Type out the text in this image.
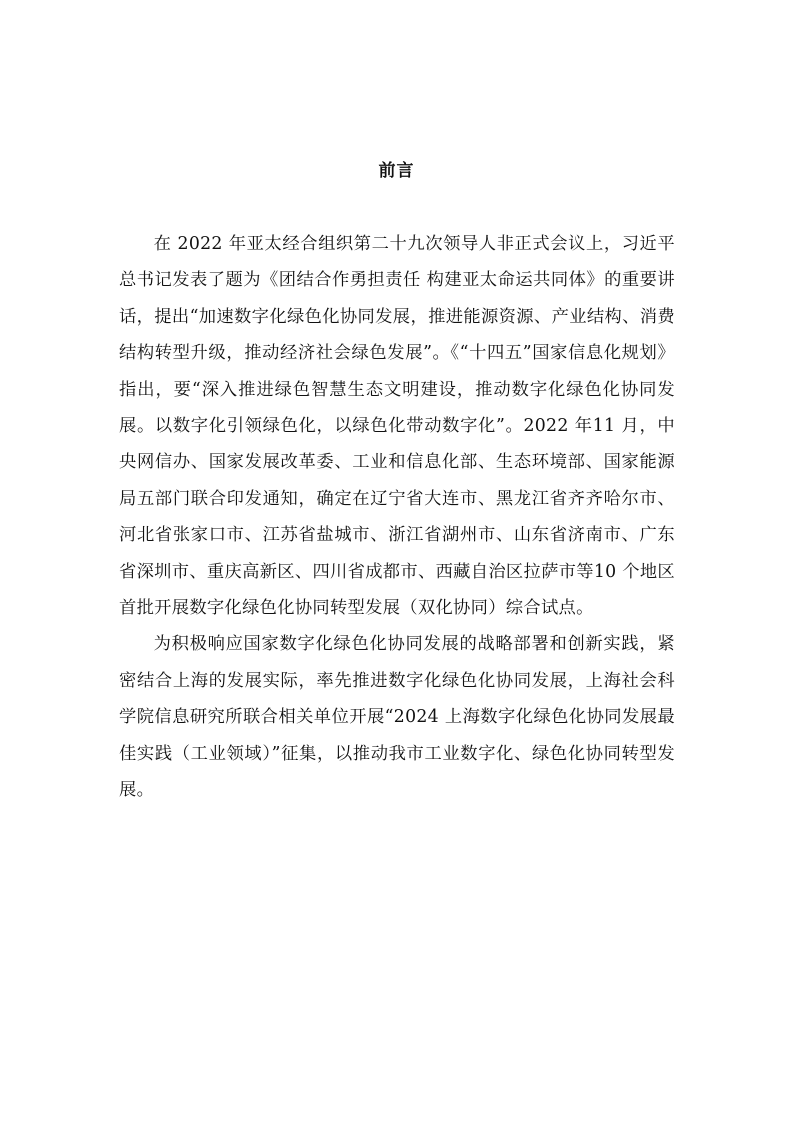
前言

在 2022 年亚太经合组织第二十九次领导人非正式会议上，习近平总书记发表了题为《团结合作勇担责任 构建亚太命运共同体》的重要讲话，提出“加速数字化绿色化协同发展，推进能源资源、产业结构、消费结构转型升级，推动经济社会绿色发展”。《“十四五”国家信息化规划》指出，要“深入推进绿色智慧生态文明建设，推动数字化绿色化协同发展。以数字化引领绿色化，以绿色化带动数字化”。2022 年11 月，中央网信办、国家发展改革委、工业和信息化部、生态环境部、国家能源局五部门联合印发通知，确定在辽宁省大连市、黑龙江省齐齐哈尔市、河北省张家口市、江苏省盐城市、浙江省湖州市、山东省济南市、广东省深圳市、重庆高新区、四川省成都市、西藏自治区拉萨市等10 个地区首批开展数字化绿色化协同转型发展（双化协同）综合试点。

为积极响应国家数字化绿色化协同发展的战略部署和创新实践，紧密结合上海的发展实际，率先推进数字化绿色化协同发展，上海社会科学院信息研究所联合相关单位开展“2024 上海数字化绿色化协同发展最佳实践（工业领域）”征集，以推动我市工业数字化、绿色化协同转型发展。
